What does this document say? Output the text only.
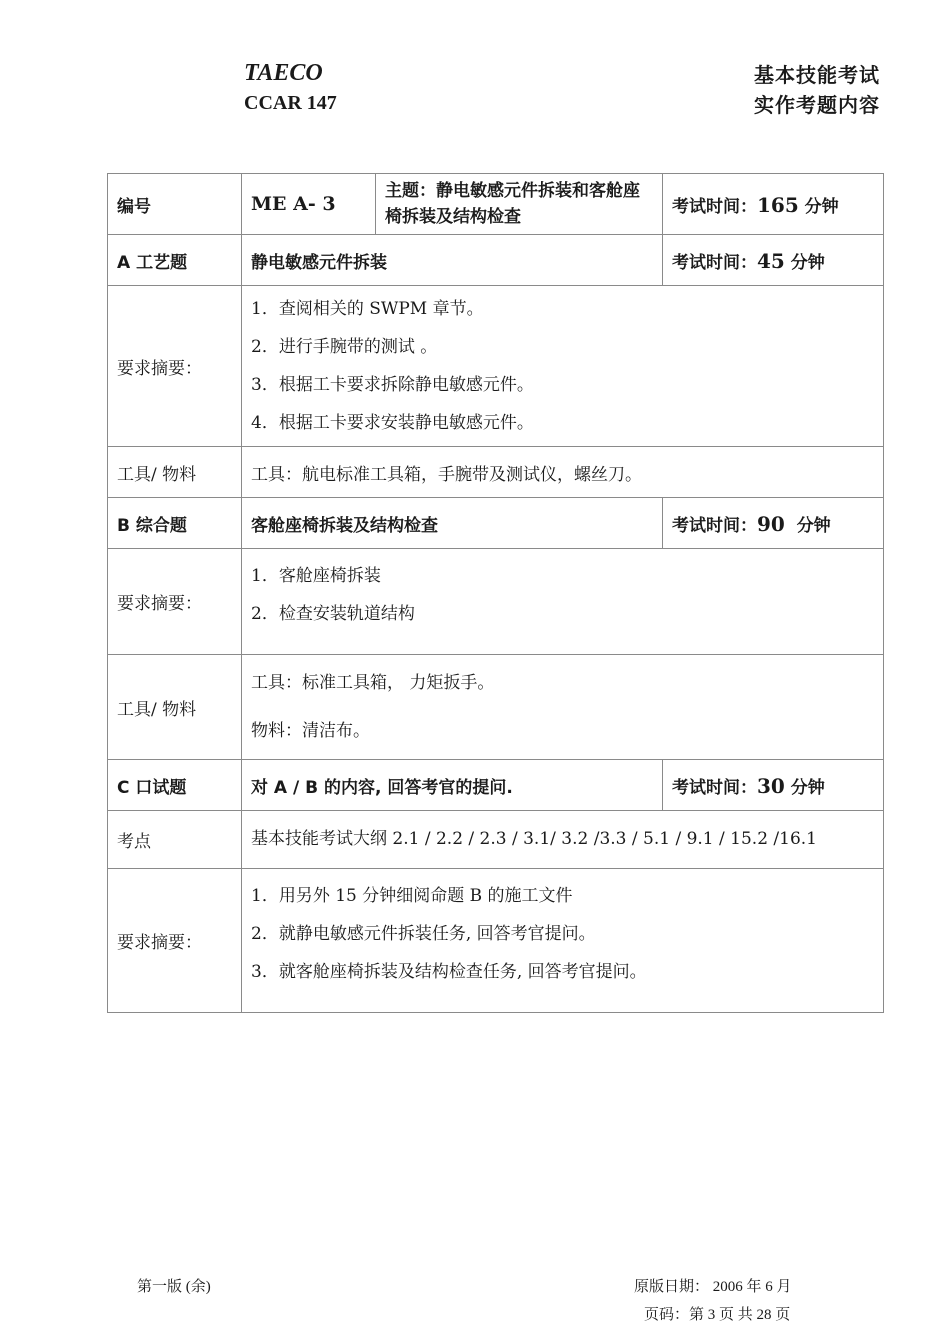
TAECO
CCAR 147
基本技能考试
实作考题内容
编号	ME A- 3	主题：静电敏感元件拆装和客舱座椅拆装及结构检查	考试时间：165 分钟
A 工艺题	静电敏感元件拆装		考试时间：45 分钟
要求摘要：	1．查阅相关的 SWPM 章节。
2．进行手腕带的测试 。
3．根据工卡要求拆除静电敏感元件。
4．根据工卡要求安装静电敏感元件。		

工具/ 物料	工具：航电标准工具箱，手腕带及测试仪，螺丝刀。		
B 综合题	客舱座椅拆装及结构检查		考试时间：90 分钟
要求摘要：	1．客舱座椅拆装
2．检查安装轨道结构		

工具/ 物料	工具：标准工具箱， 力矩扳手。
物料：清洁布。		

C 口试题	对 A / B 的内容, 回答考官的提问.		考试时间：30 分钟
考点	基本技能考试大纲 2.1 / 2.2 / 2.3 / 3.1/ 3.2 /3.3 / 5.1 / 9.1 / 15.2 /16.1		
要求摘要：	1．用另外 15 分钟细阅命题 B 的施工文件
2．就静电敏感元件拆装任务, 回答考官提问。
3．就客舱座椅拆装及结构检查任务, 回答考官提问。		
第一版 (余)	原版日期： 2006 年 6 月
页码：第 3 页 共 28 页
